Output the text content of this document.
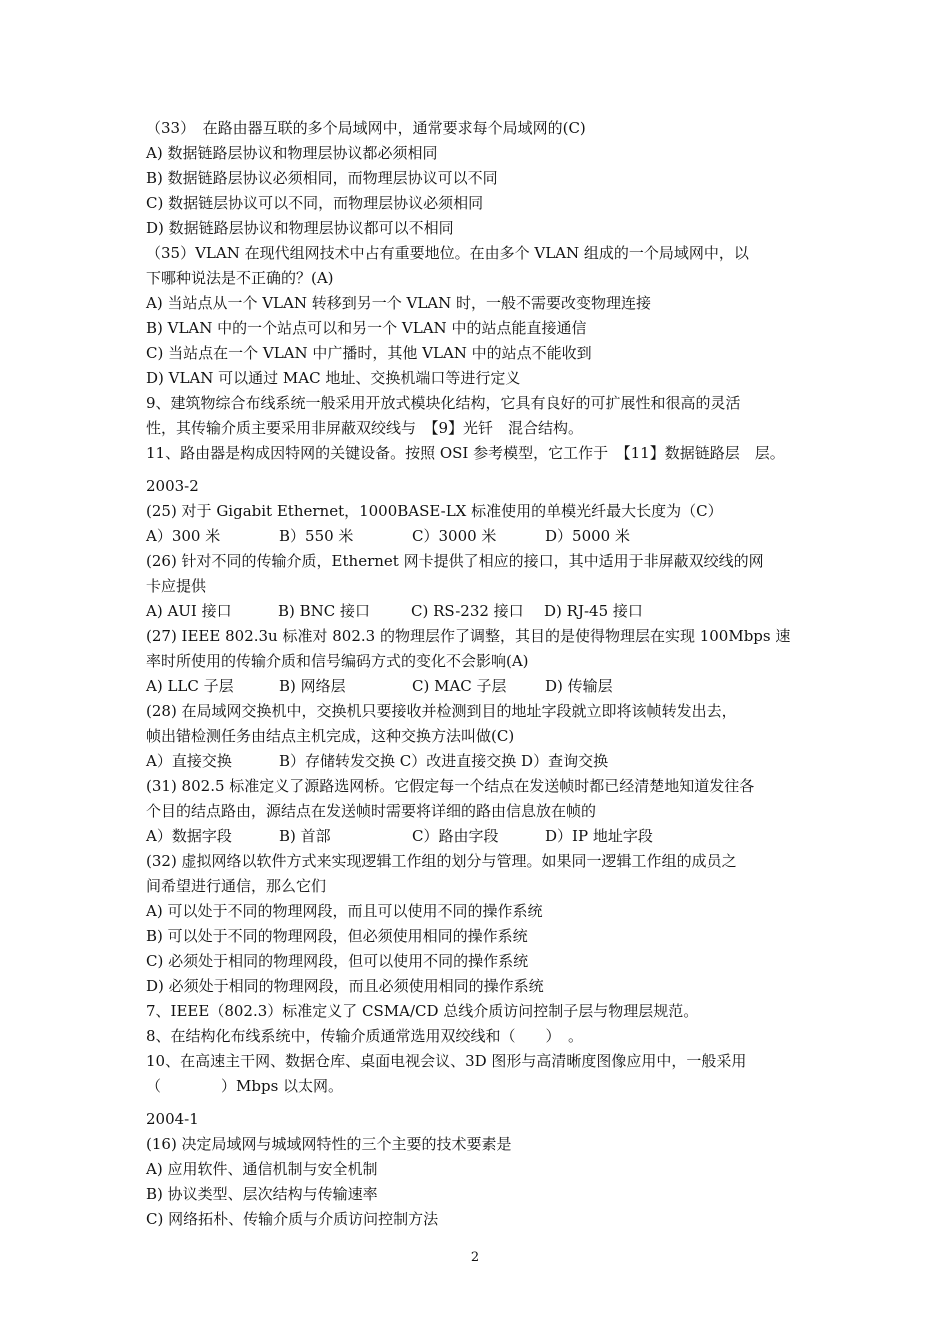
（33）　在路由器互联的多个局域网中，通常要求每个局域网的(C)
A) 数据链路层协议和物理层协议都必须相同
B) 数据链路层协议必须相同，而物理层协议可以不同
C) 数据链层协议可以不同，而物理层协议必须相同
D) 数据链路层协议和物理层协议都可以不相同
（35）VLAN 在现代组网技术中占有重要地位。在由多个 VLAN 组成的一个局域网中，以
下哪种说法是不正确的？(A)
A) 当站点从一个 VLAN 转移到另一个 VLAN 时，一般不需要改变物理连接
B) VLAN 中的一个站点可以和另一个 VLAN 中的站点能直接通信
C) 当站点在一个 VLAN 中广播时，其他 VLAN 中的站点不能收到
D) VLAN 可以通过 MAC 地址、交换机端口等进行定义
9、建筑物综合布线系统一般采用开放式模块化结构，它具有良好的可扩展性和很高的灵活
性，其传输介质主要采用非屏蔽双绞线与　【9】光钎　混合结构。
11、路由器是构成因特网的关键设备。按照 OSI 参考模型，它工作于　【11】数据链路层　层。
2003-2
(25) 对于 Gigabit Ethernet，1000BASE-LX 标准使用的单模光纤最大长度为（C）
A）300 米	B）550 米	C）3000 米	D）5000 米
(26) 针对不同的传输介质，Ethernet 网卡提供了相应的接口，其中适用于非屏蔽双绞线的网
卡应提供
A) AUI 接口	B) BNC 接口	C) RS-232 接口	D) RJ-45 接口
(27) IEEE 802.3u 标准对 802.3 的物理层作了调整，其目的是使得物理层在实现 100Mbps 速
率时所使用的传输介质和信号编码方式的变化不会影响(A)
A) LLC 子层	B) 网络层	C) MAC 子层	D) 传输层
(28) 在局域网交换机中，交换机只要接收并检测到目的地址字段就立即将该帧转发出去，
帧出错检测任务由结点主机完成，这种交换方法叫做(C)
A）直接交换	B）存储转发交换 C）改进直接交换 D）查询交换
(31) 802.5 标准定义了源路选网桥。它假定每一个结点在发送帧时都已经清楚地知道发往各
个目的结点路由，源结点在发送帧时需要将详细的路由信息放在帧的
A）数据字段	B) 首部	C）路由字段	D）IP 地址字段
(32) 虚拟网络以软件方式来实现逻辑工作组的划分与管理。如果同一逻辑工作组的成员之
间希望进行通信，那么它们
A) 可以处于不同的物理网段，而且可以使用不同的操作系统
B) 可以处于不同的物理网段，但必须使用相同的操作系统
C) 必须处于相同的物理网段，但可以使用不同的操作系统
D) 必须处于相同的物理网段，而且必须使用相同的操作系统
7、IEEE（802.3）标准定义了 CSMA/CD 总线介质访问控制子层与物理层规范。
8、在结构化布线系统中，传输介质通常选用双绞线和（　　）　。
10、在高速主干网、数据仓库、桌面电视会议、3D 图形与高清晰度图像应用中，一般采用
（　　　　）Mbps 以太网。
2004-1
(16) 决定局域网与城域网特性的三个主要的技术要素是
A) 应用软件、通信机制与安全机制
B) 协议类型、层次结构与传输速率
C) 网络拓朴、传输介质与介质访问控制方法
2
